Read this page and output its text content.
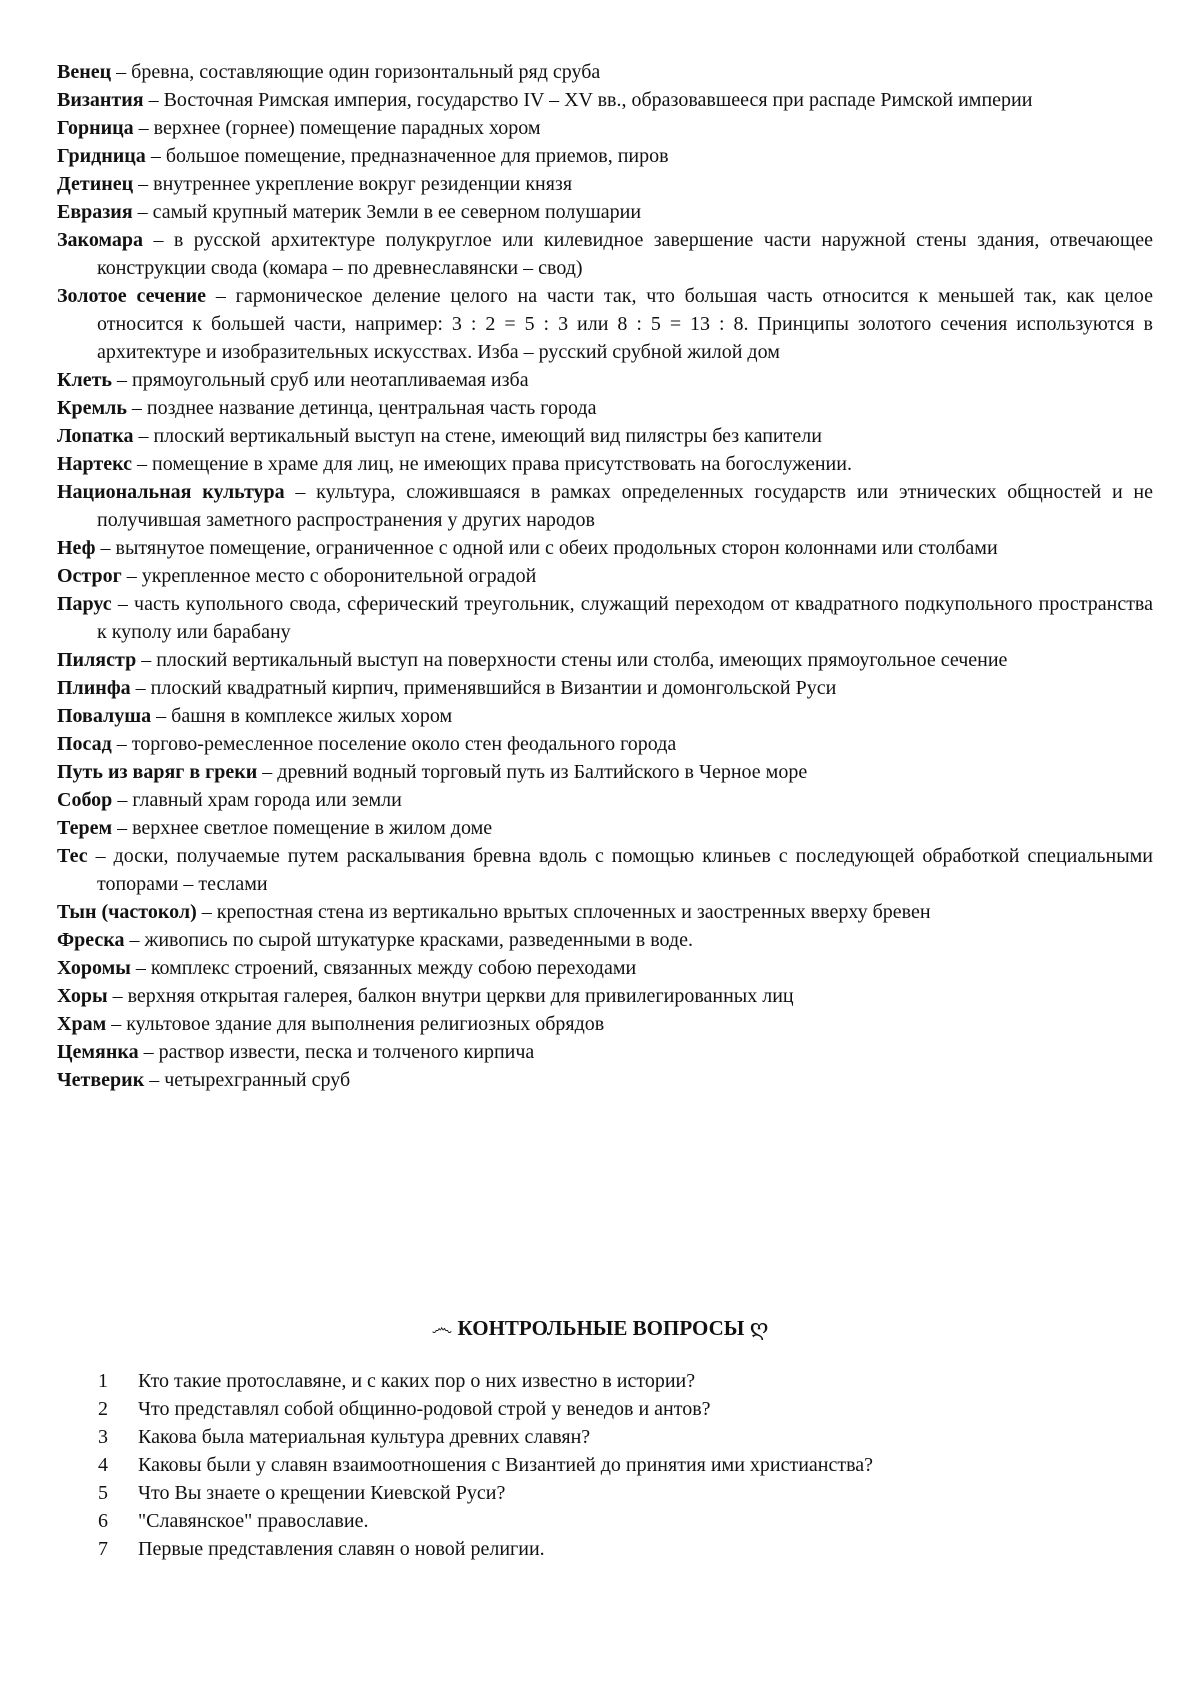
Венец – бревна, составляющие один горизонтальный ряд сруба

Византия – Восточная Римская империя, государство IV – XV вв., образовавшееся при распаде Римской империи

Горница – верхнее (горнее) помещение парадных хором

Гридница – большое помещение, предназначенное для приемов, пиров

Детинец – внутреннее укрепление вокруг резиденции князя

Евразия – самый крупный материк Земли в ее северном полушарии

Закомара – в русской архитектуре полукруглое или килевидное завершение части наружной стены здания, отвечающее конструкции свода (комара – по древнеславянски – свод)

Золотое сечение – гармоническое деление целого на части так, что большая часть относится к меньшей так, как целое относится к большей части, например: 3 : 2 = 5 : 3 или 8 : 5 = 13 : 8. Принципы золотого сечения используются в архитектуре и изобразительных искусствах. Изба – русский срубной жилой дом

Клеть – прямоугольный сруб или неотапливаемая изба

Кремль – позднее название детинца, центральная часть города

Лопатка – плоский вертикальный выступ на стене, имеющий вид пилястры без капители

Нартекс – помещение в храме для лиц, не имеющих права присутствовать на богослужении.

Национальная культура – культура, сложившаяся в рамках определенных государств или этнических общностей и не получившая заметного распространения у других народов

Неф – вытянутое помещение, ограниченное с одной или с обеих продольных сторон колоннами или столбами

Острог – укрепленное место с оборонительной оградой

Парус – часть купольного свода, сферический треугольник, служащий переходом от квадратного подкупольного пространства к куполу или барабану

Пилястр – плоский вертикальный выступ на поверхности стены или столба, имеющих прямоугольное сечение

Плинфа – плоский квадратный кирпич, применявшийся в Византии и домонгольской Руси

Повалуша – башня в комплексе жилых хором

Посад – торгово-ремесленное поселение около стен феодального города

Путь из варяг в греки – древний водный торговый путь из Балтийского в Черное море

Собор – главный храм города или земли

Терем – верхнее светлое помещение в жилом доме

Тес – доски, получаемые путем раскалывания бревна вдоль с помощью клиньев с последующей обработкой специальными топорами – теслами

Тын (частокол) – крепостная стена из вертикально врытых сплоченных и заостренных вверху бревен

Фреска – живопись по сырой штукатурке красками, разведенными в воде.

Хоромы – комплекс строений, связанных между собою переходами

Хоры – верхняя открытая галерея, балкон внутри церкви для привилегированных лиц

Храм – культовое здание для выполнения религиозных обрядов

Цемянка – раствор извести, песка и толченого кирпича

Четверик – четырехгранный сруб

෴ КОНТРОЛЬНЫЕ ВОПРОСЫ ღ
1	Кто такие протославяне, и с каких пор о них известно в истории?
2	Что представлял собой общинно-родовой строй у венедов и антов?
3	Какова была материальная культура древних славян?
4	Каковы были у славян взаимоотношения с Византией до принятия ими христианства?
5	Что Вы знаете о крещении Киевской Руси?
6	"Славянское" православие.
7	Первые представления славян о новой религии.
